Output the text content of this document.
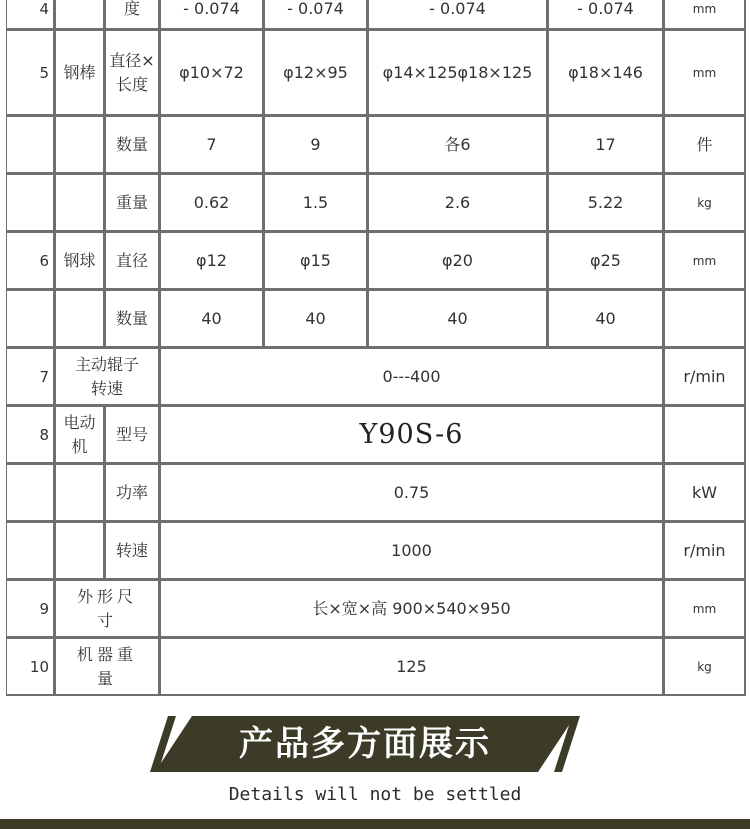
4		度	- 0.074	- 0.074	- 0.074	- 0.074	mm
5	钢棒	直径×长度	φ10×72	φ12×95	φ14×125φ18×125	φ18×146	mm
		数量	7	9	各6	17	件
		重量	0.62	1.5	2.6	5.22	kg
6	钢球	直径	φ12	φ15	φ20	φ25	mm
		数量	40	40	40	40	
7	主动辊子转速		0---400				r/min
8	电动机	型号	Y90S-6				
		功率	0.75				kW
		转速	1000				r/min
9	外形尺寸		长×宽×高 900×540×950				mm
10	机器重量		125				kg
产品多方面展示
Details will not be settled
